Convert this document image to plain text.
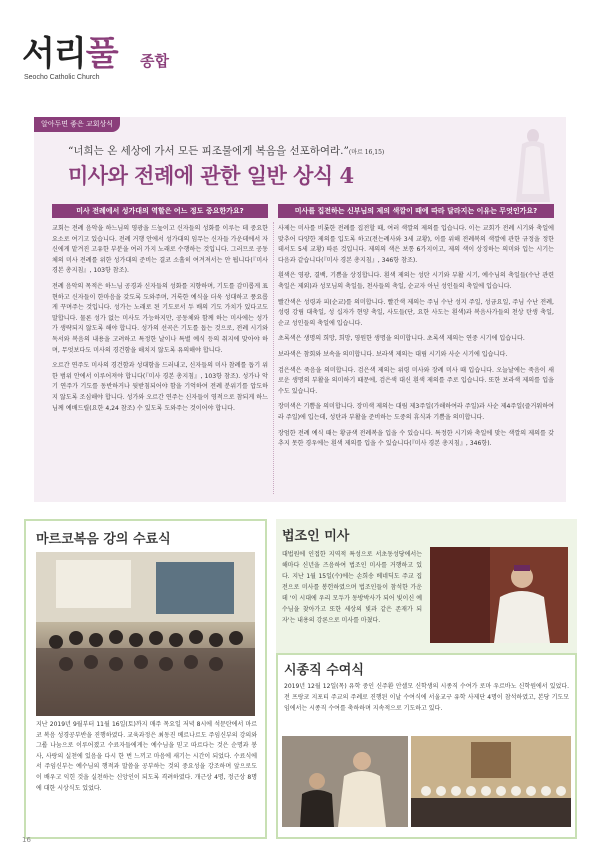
서리풀 종합
Seocho Catholic Church
알아두면 좋은 교회상식
“너희는 온 세상에 가서 모든 피조물에게 복음을 선포하여라.”(마르 16,15)
미사와 전례에 관한 일반 상식 4
미사 전례에서 성가대의 역할은 어느 정도 중요한가요?	미사를 집전하는 신부님의 제의 색깔이 때에 따라 달라지는 이유는 무엇인가요?

교회는 전례 음악을 하느님의 영광을 드높이고 신자들의 성화를 이루는 데 중요한 요소로 여기고 있습니다. 전례 거행 안에서 성가대의 임무는 신자들 가운데에서 자신에게 맡겨진 고유한 부분을 여러 가지 노래로 수행하는 것입니다. 그러므로 공동체의 미사 전례를 위한 성가대의 준비는 결코 소홀히 여겨져서는 안 됩니다(『미사 경본 총지침』, 103항 참조).

전례 음악의 목적은 하느님 공경과 신자들의 성화를 지향하며, 기도를 감미롭게 표현하고 신자들이 한마음을 갖도록 도와주며, 거룩한 예식을 더욱 성대하고 풍요롭게 꾸며주는 것입니다. 성가는 노래로 된 기도로서 두 배의 기도 가치가 있다고도 말합니다. 물론 성가 없는 미사도 가능하지만, 공동체와 함께 하는 미사에는 성가가 생략되지 않도록 해야 합니다. 성가의 선곡은 기도를 돕는 것으로, 전례 시기와 독서와 복음의 내용을 고려하고 특정한 날이나 특별 예식 등의 취지에 맞아야 하며, 무엇보다도 미사의 경건함을 해치지 않도록 유의해야 합니다.

오르간 연주도 미사의 경건함과 성대함을 드러내고, 신자들의 미사 참례를 돕기 위한 범위 안에서 이루어져야 합니다(『미사 경본 총지침』, 103항 참조). 성가나 악기 연주가 기도를 동반하거나 뒷받침되어야 함을 기억하여 전례 분위기를 압도하지 않도록 조심해야 합니다. 성가와 오르간 연주는 신자들이 영적으로 참되게 하느님께 예배드릴(요한 4,24 참조) 수 있도록 도와주는 것이어야 합니다.

사제는 미사를 비롯한 전례를 집전할 때, 여러 색깔의 제의를 입습니다. 이는 교회가 전례 시기와 축일에 맞추어 다양한 제의를 입도록 하고(전는례사와 3세 교황), 이를 위해 전례복의 색깔에 관한 규정을 정한 데서도 5세 교황) 따른 것입니다. 제의의 색은 보통 6가지이고, 제의 색이 상징하는 의미와 입는 시기는 다음과 같습니다(『미사 경본 총지침』, 346항 참조).

흰색은 영광, 결백, 기쁨을 상징합니다. 흰색 제의는 성탄 시기와 부활 시기, 예수님의 축일들(수난 관련 축일은 제외)과 성모님의 축일들, 천사들의 축일, 순교자 아닌 성인들의 축일에 입습니다.

빨간색은 성령과 피(순교)를 의미합니다. 빨간색 제의는 주님 수난 성지 주일, 성금요일, 주님 수난 전례, 성령 강림 대축일, 성 십자가 현양 축일, 사도들(단, 요한 사도는 흰색)과 복음사가들의 천상 탄생 축일, 순교 성인들의 축일에 입습니다.

초록색은 생명의 희망, 희망, 영원한 생명을 의미합니다. 초록색 제의는 연중 시기에 입습니다.

보라색은 참회와 보속을 의미합니다. 보라색 제의는 대림 시기와 사순 시기에 입습니다.

검은색은 죽음을 의미합니다. 검은색 제의는 위령 미사와 장례 미사 때 입습니다. 오늘날에는 죽음이 새로운 생명의 부활을 의미하기 때문에, 검은색 대신 흰색 제의를 주로 입습니다. 또한 보라색 제의를 입을 수도 있습니다.

장미색은 기쁨을 의미합니다. 장미색 제의는 대림 제3주일(가해하여라 주일)과 사순 제4주일(즐거워하여라 주일)에 입는데, 성탄과 부활을 준비하는 도중의 휴식과 기쁨을 의미합니다.

장엄한 전례 예식 때는 황금색 전례복을 입을 수 있습니다. 특정한 시기와 축일에 맞는 색깔의 제의를 갖추지 못한 경우에는 흰색 제의를 입을 수 있습니다(『미사 경본 총지침』, 346항).

마르코복음 강의 수료식
지난 2019년 9월부터 11월 16일(토)까지 매주 목요일 저녁 8시에 석문탄에서 마르코 복음 성경공부반을 진행하였다. 교육과정은 최동진 베르나르도 주임신부의 강의와 그룹 나눔으로 이루어졌고 수료자들에게는 예수님을 믿고 따르다는 것은 순명과 봉사, 사랑의 실천에 있음을 다시 한 번 느끼고 마음에 새기는 시간이 되었다. 수료식에서 주임신부는 예수님의 행적과 말씀을 공부하는 것의 중요성을 강조하며 앞으로도 이 배우고 익힌 것을 실천하는 신앙인이 되도록 격려하였다. 개근상 4명, 정근상 8명에 대한 시상식도 있었다.
법조인 미사
대법원에 인접한 지역적 특성으로 서초동성당에서는 해마다 신년을 즈음하여 법조인 미사를 거행하고 있다. 지난 1월 15일(수)에는 손희송 베네딕도 주교 집전으로 미사를 봉헌하였으며 법조인들이 참석한 가운데 '이 시대에 우리 모두가 동방박사가 되어 빛이신 예수님을 찾아가고 또한 세상의 빛과 같은 존재가 되자'는 내용의 강론으로 미사를 마쳤다.
시종직 수여식
2019년 12월 12일(목) 유학 중인 신주환 안셀모 신학생의 시종직 수여가 로마 우르바노 신학원에서 있었다. 전 프랑코 지포티 주교의 주례로 진행된 이날 수여식에 서울교구 유학 사제단 4명이 참석하였고, 본당 기도모임에서는 시종직 수여를 축하하며 지속적으로 기도하고 있다.
16
